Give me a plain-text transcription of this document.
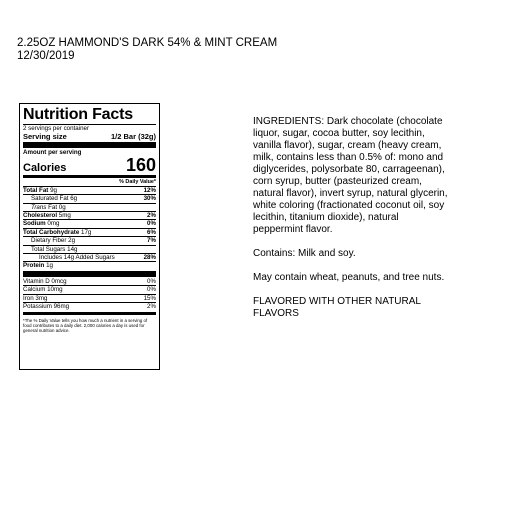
2.25OZ HAMMOND'S DARK 54% & MINT CREAM
12/30/2019
Nutrition Facts
2 servings per container
Serving size	1/2 Bar (32g)
Amount per serving
Calories	160
% Daily Value*
Total Fat 9g	12%
Saturated Fat 6g	30%
Trans Fat 0g
Cholesterol 5mg	2%
Sodium 0mg	0%
Total Carbohydrate 17g	6%
Dietary Fiber 2g	7%
Total Sugars 14g
Includes 14g Added Sugars	28%
Protein 1g
Vitamin D 0mcg	0%
Calcium 10mg	0%
Iron 3mg	15%
Potassium 96mg	2%
*The % Daily Value tells you how much a nutrient in a serving of food contributes to a daily diet. 2,000 calories a day is used for general nutrition advice.

INGREDIENTS: Dark chocolate (chocolate liquor, sugar, cocoa butter, soy lecithin, vanilla flavor), sugar, cream (heavy cream, milk, contains less than 0.5% of: mono and diglycerides, polysorbate 80, carrageenan), corn syrup, butter (pasteurized cream, natural flavor), invert syrup, natural glycerin, white coloring (fractionated coconut oil, soy lecithin, titanium dioxide), natural peppermint flavor.

Contains: Milk and soy.

May contain wheat, peanuts, and tree nuts.

FLAVORED WITH OTHER NATURAL FLAVORS
